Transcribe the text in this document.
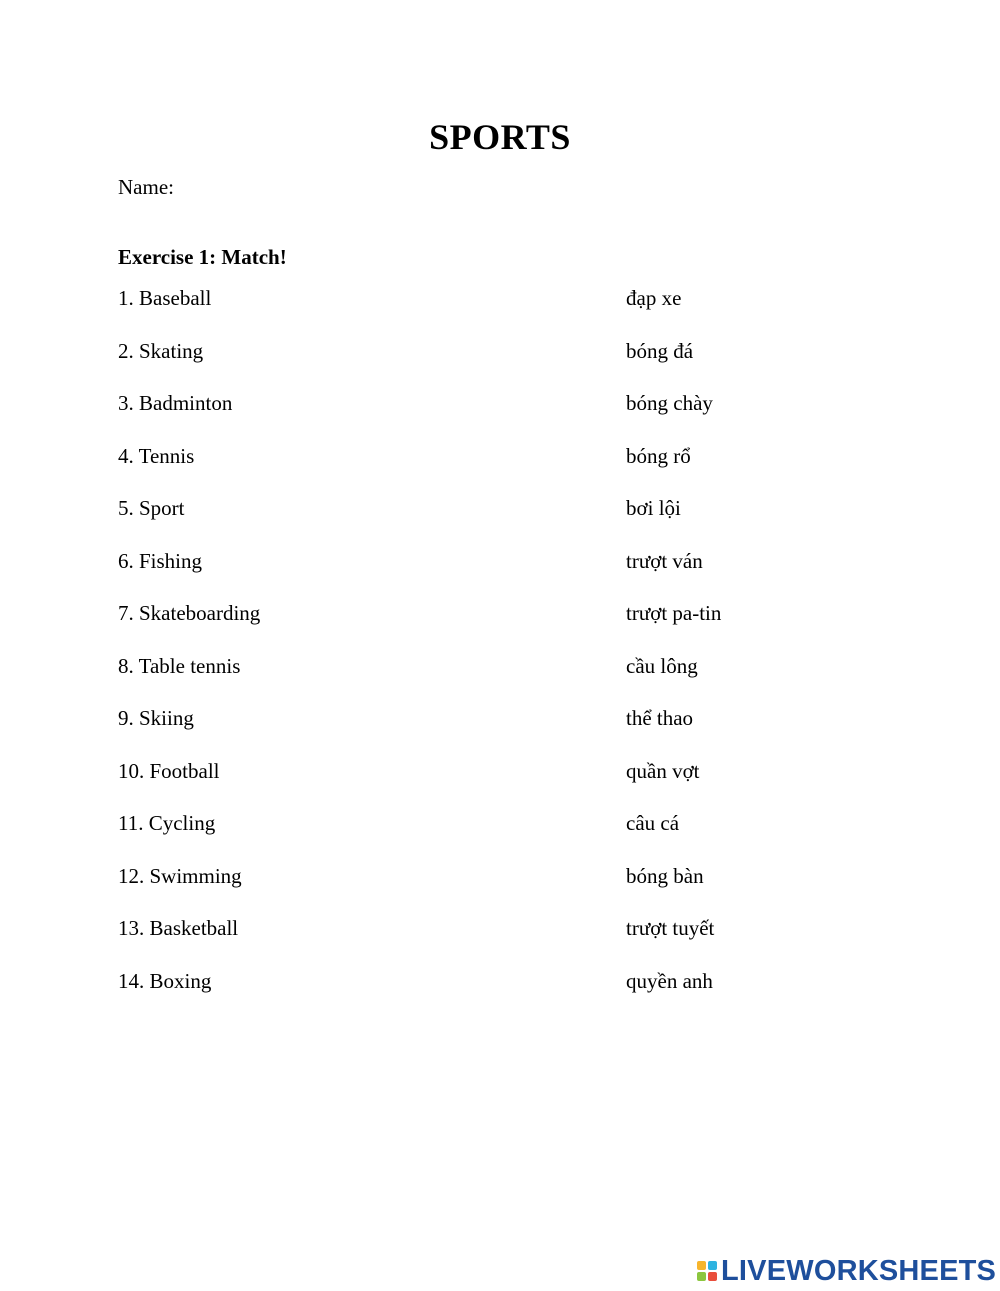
SPORTS
Name:
Exercise 1: Match!
1. Baseball	đạp xe
2. Skating	bóng đá
3. Badminton	bóng chày
4. Tennis	bóng rổ
5. Sport	bơi lội
6. Fishing	trượt ván
7. Skateboarding	trượt pa-tin
8. Table tennis	cầu lông
9. Skiing	thể thao
10. Football	quần vợt
11. Cycling	câu cá
12. Swimming	bóng bàn
13. Basketball	trượt tuyết
14. Boxing	quyền anh
LIVEWORKSHEETS
